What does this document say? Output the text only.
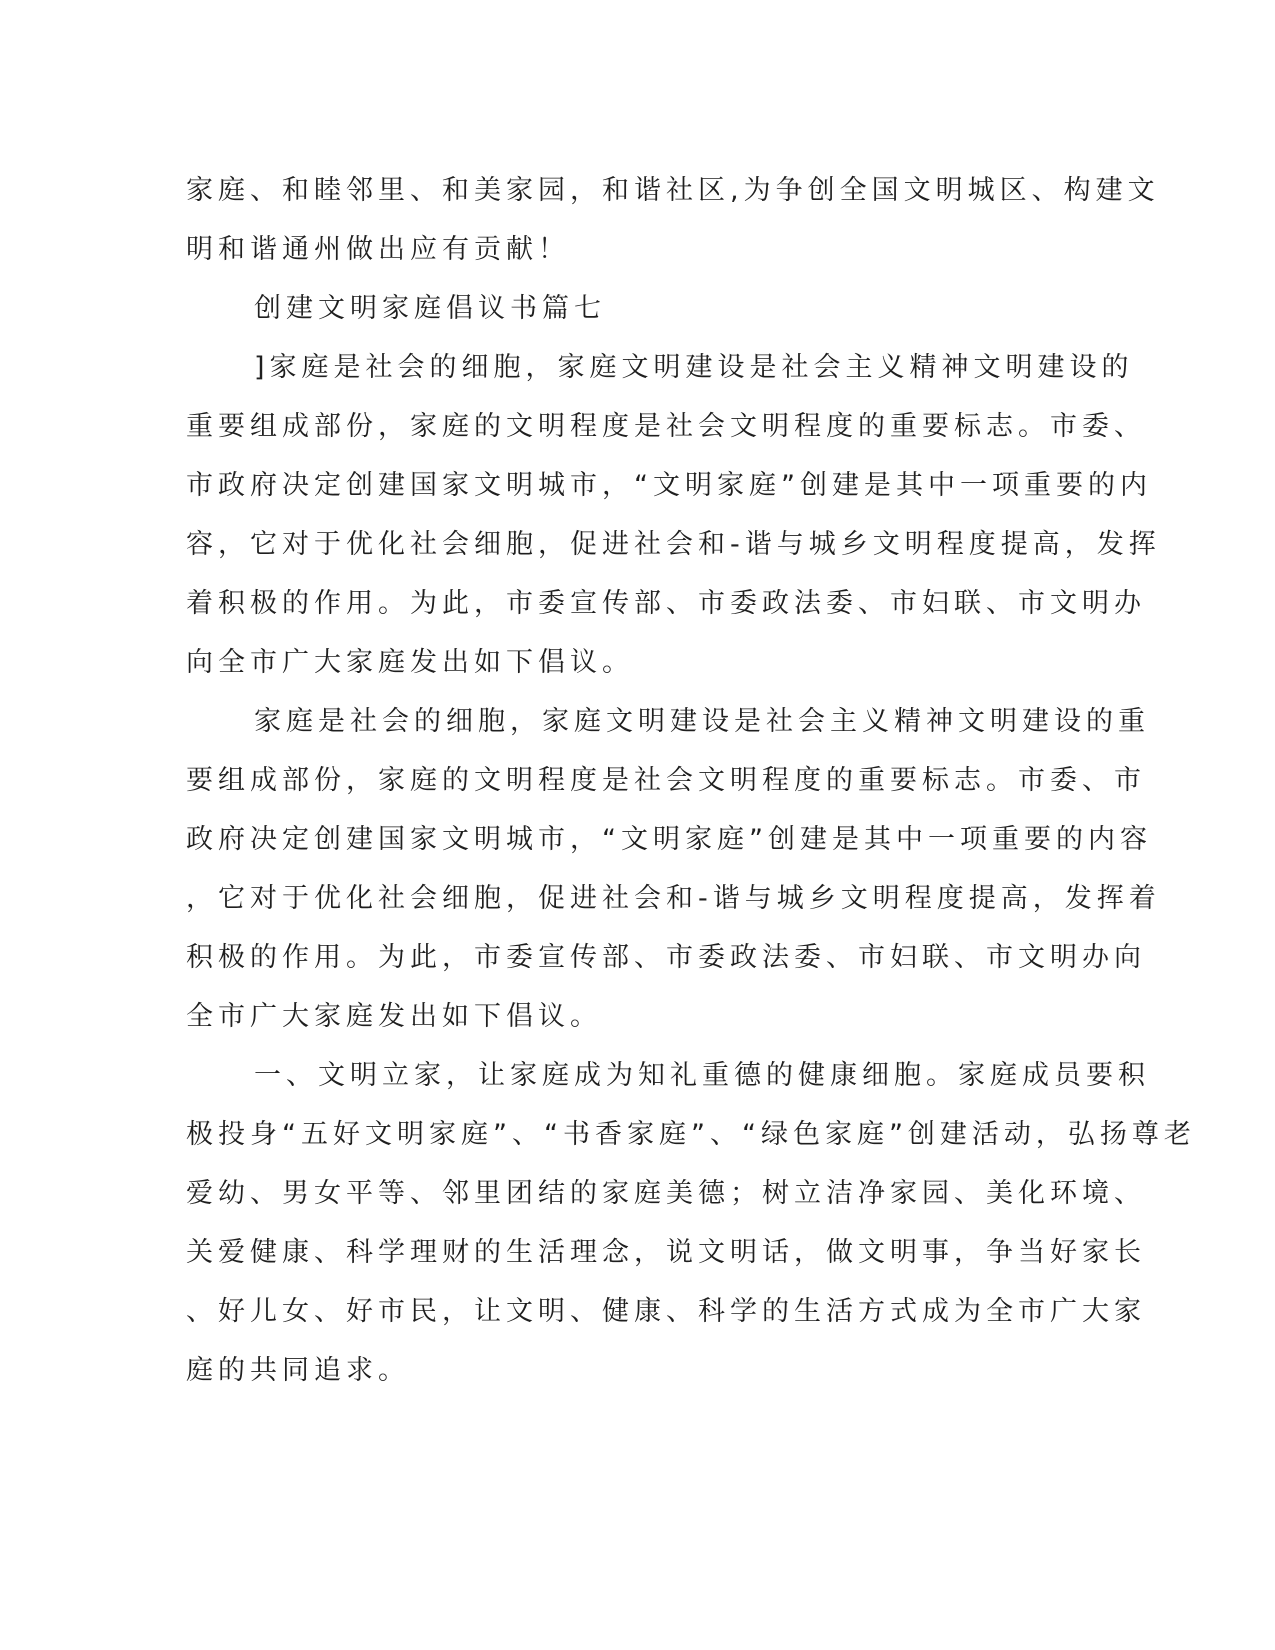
家庭、和睦邻里、和美家园，和谐社区,为争创全国文明城区、构建文
明和谐通州做出应有贡献！
创建文明家庭倡议书篇七
]家庭是社会的细胞，家庭文明建设是社会主义精神文明建设的
重要组成部份，家庭的文明程度是社会文明程度的重要标志。市委、
市政府决定创建国家文明城市，“文明家庭”创建是其中一项重要的内
容，它对于优化社会细胞，促进社会和-谐与城乡文明程度提高，发挥
着积极的作用。为此，市委宣传部、市委政法委、市妇联、市文明办
向全市广大家庭发出如下倡议。
家庭是社会的细胞，家庭文明建设是社会主义精神文明建设的重
要组成部份，家庭的文明程度是社会文明程度的重要标志。市委、市
政府决定创建国家文明城市，“文明家庭”创建是其中一项重要的内容
，它对于优化社会细胞，促进社会和-谐与城乡文明程度提高，发挥着
积极的作用。为此，市委宣传部、市委政法委、市妇联、市文明办向
全市广大家庭发出如下倡议。
一、文明立家，让家庭成为知礼重德的健康细胞。家庭成员要积
极投身“五好文明家庭”、“书香家庭”、“绿色家庭”创建活动，弘扬尊老
爱幼、男女平等、邻里团结的家庭美德；树立洁净家园、美化环境、
关爱健康、科学理财的生活理念，说文明话，做文明事，争当好家长
、好儿女、好市民，让文明、健康、科学的生活方式成为全市广大家
庭的共同追求。
